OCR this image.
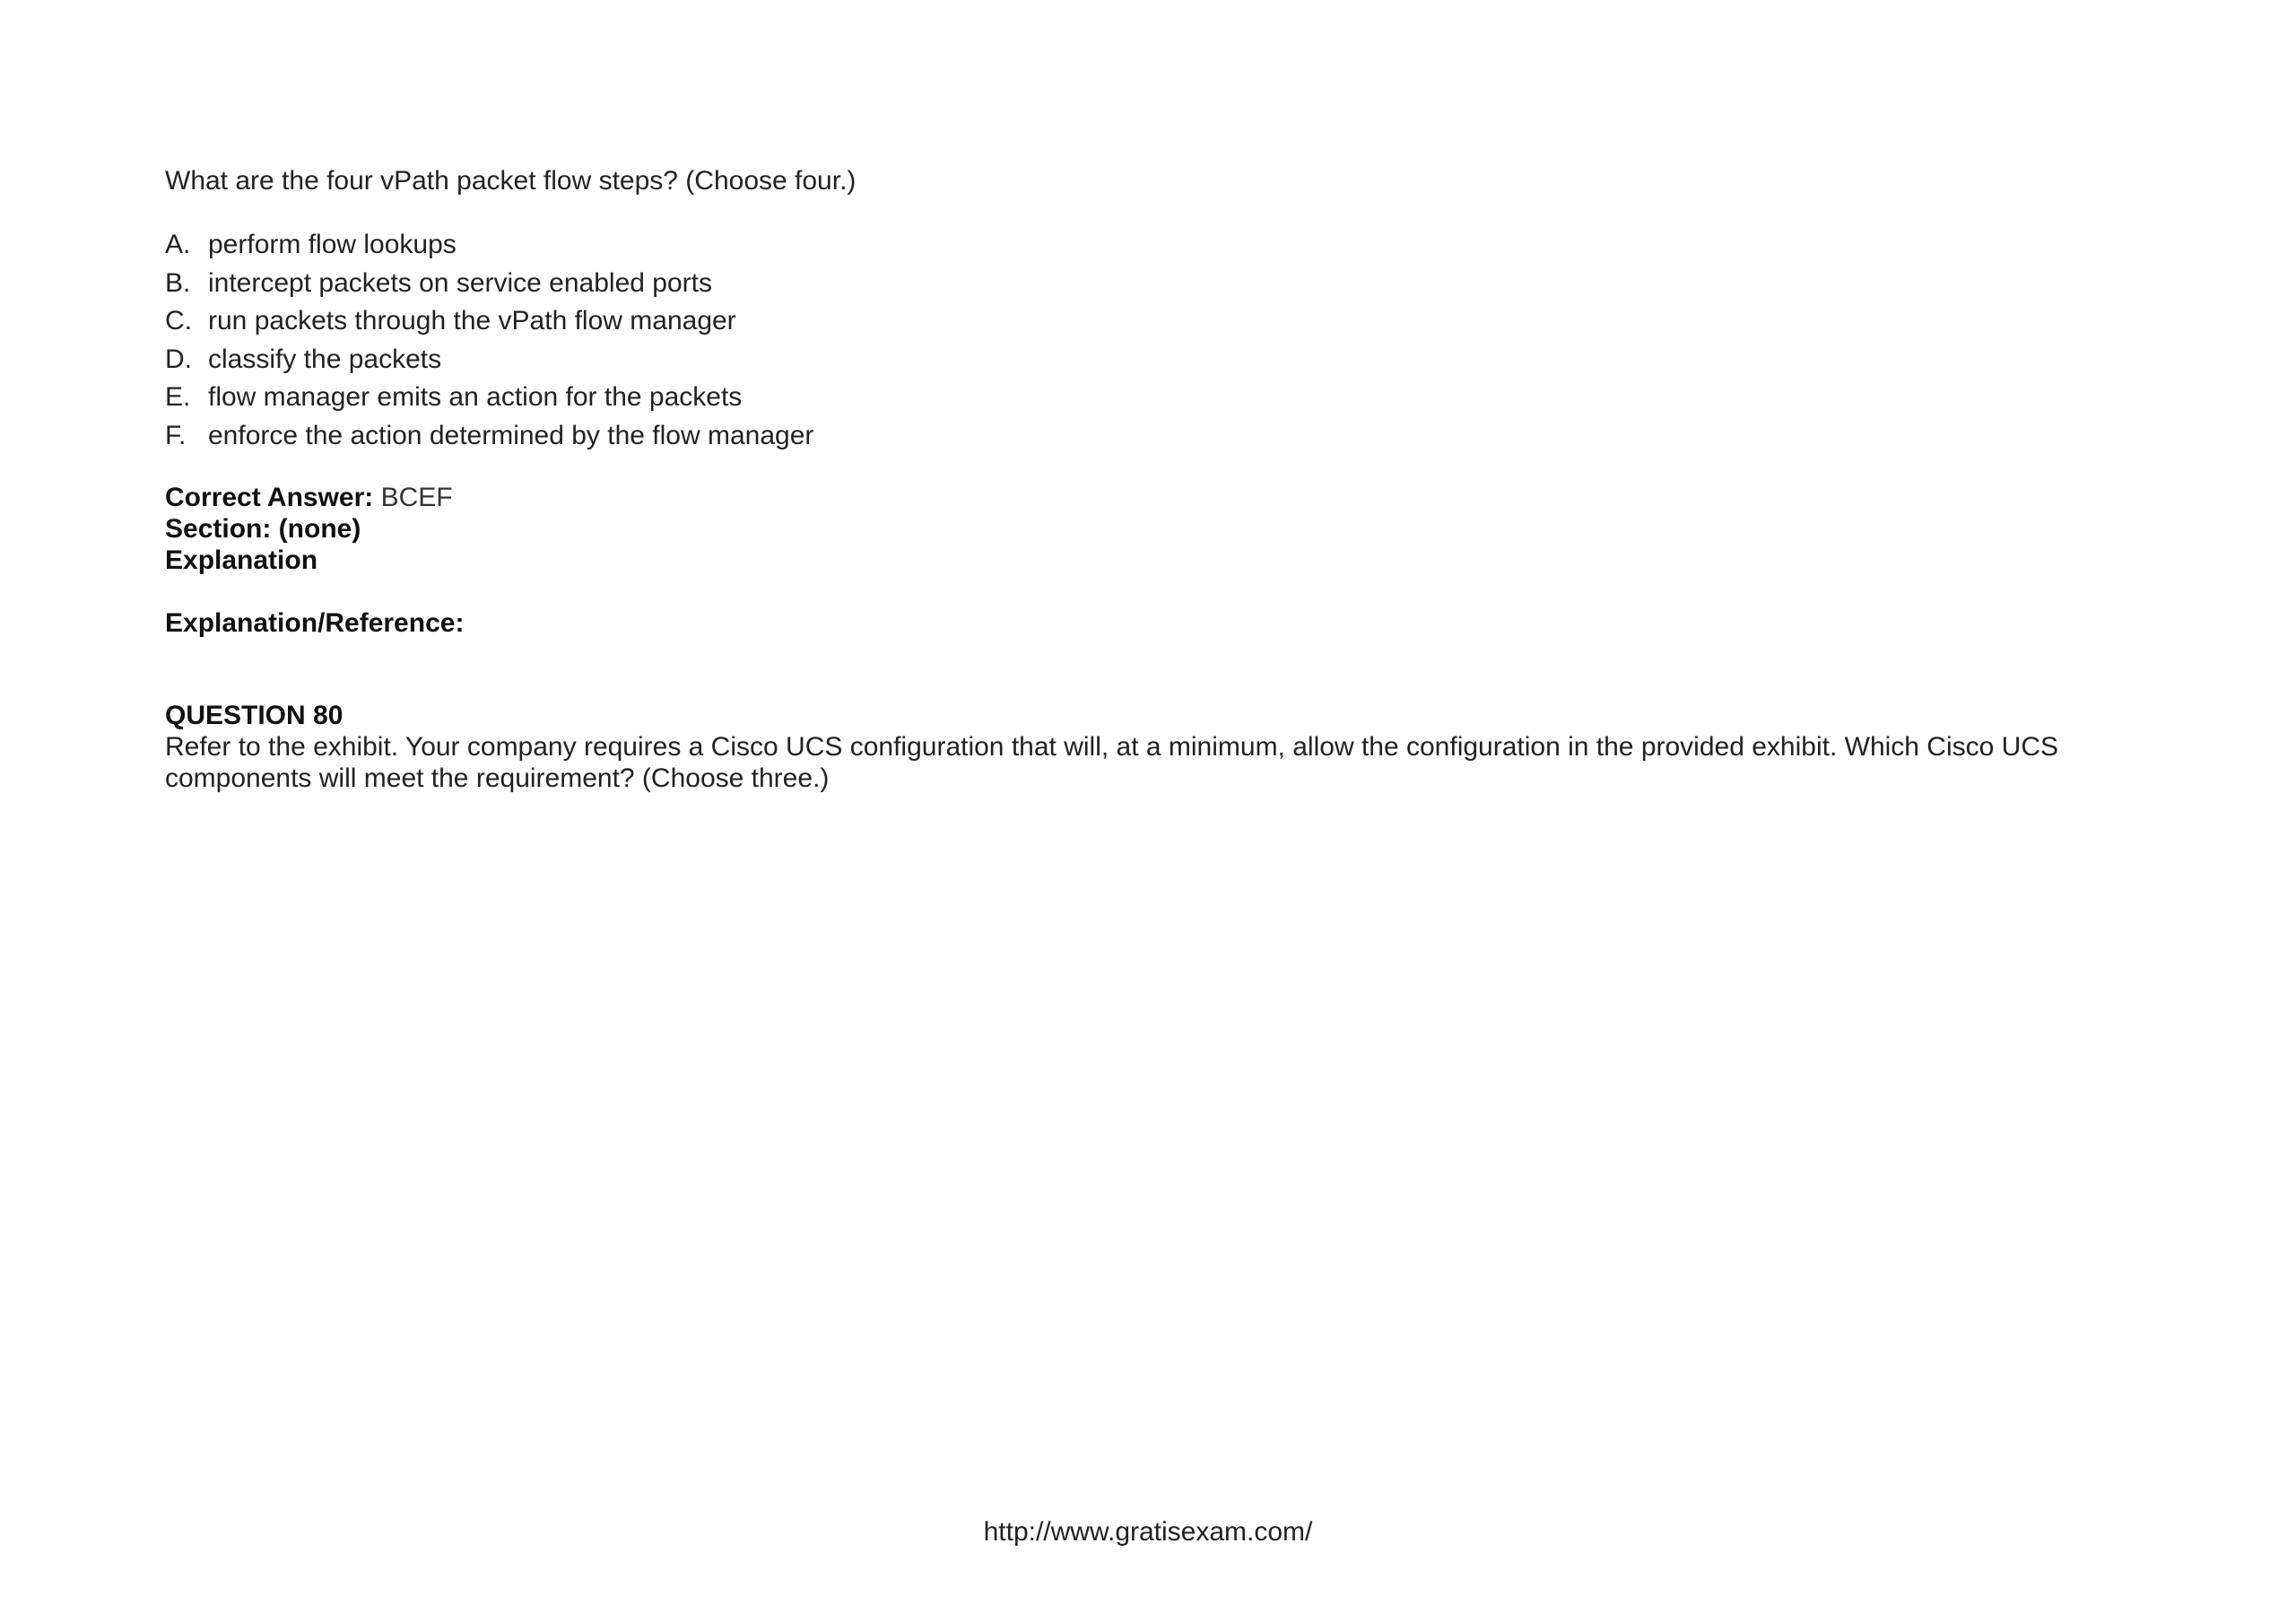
What are the four vPath packet flow steps? (Choose four.)

A. perform flow lookups
B. intercept packets on service enabled ports
C. run packets through the vPath flow manager
D. classify the packets
E. flow manager emits an action for the packets
F. enforce the action determined by the flow manager
Correct Answer: BCEF
Section: (none)
Explanation
Explanation/Reference:
QUESTION 80

Refer to the exhibit. Your company requires a Cisco UCS configuration that will, at a minimum, allow the configuration in the provided exhibit. Which Cisco UCS components will meet the requirement? (Choose three.)

http://www.gratisexam.com/
